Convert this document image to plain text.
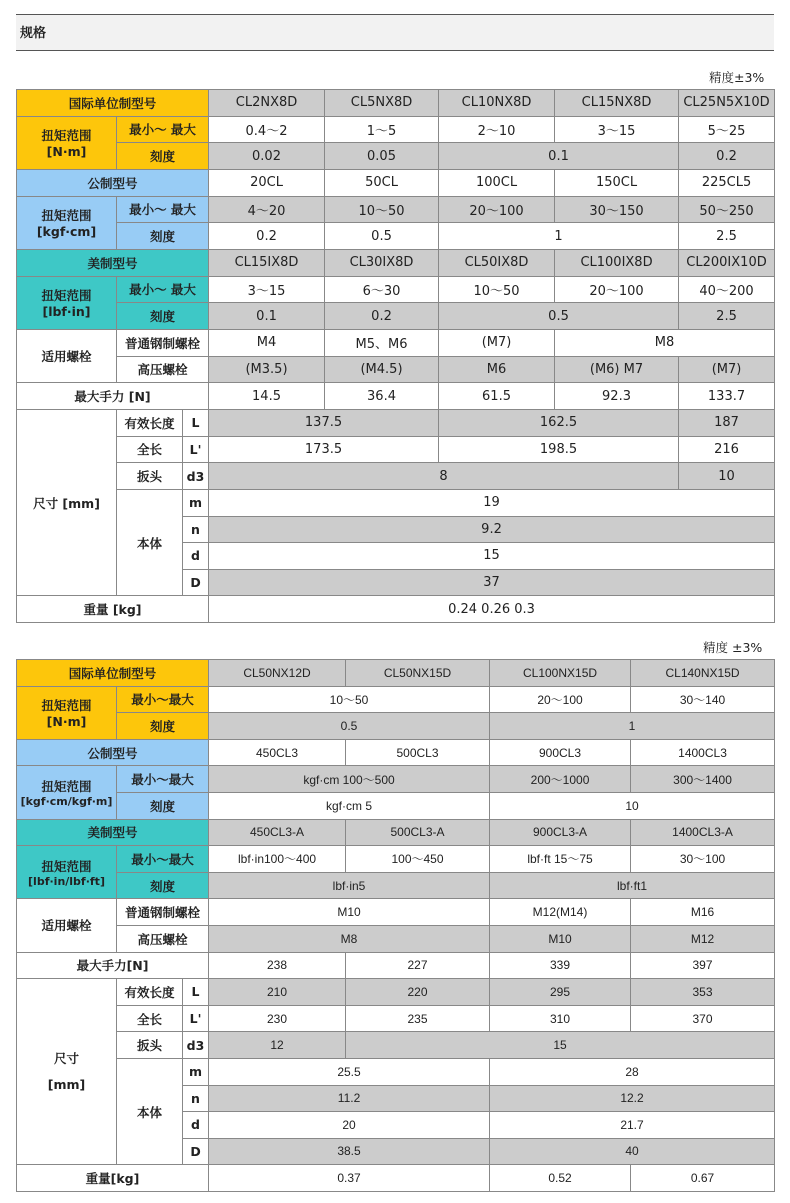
规格
精度±3%
国际单位制型号			CL2NX8D	CL5NX8D	CL10NX8D	CL15NX8D	CL25N5X10D

扭矩范围
[N·m]	最小〜 最大		0.4〜2	1〜5	2〜10	3〜15	5〜25
	刻度		0.02	0.05	0.1		0.2
公制型号			20CL	50CL	100CL	150CL	225CL5

扭矩范围
[kgf·cm]	最小〜 最大		4〜20	10〜50	20〜100	30〜150	50〜250
	刻度		0.2	0.5	1		2.5
美制型号			CL15IX8D	CL30IX8D	CL50IX8D	CL100IX8D	CL200IX10D

扭矩范围
[lbf·in]	最小〜 最大		3〜15	6〜30	10〜50	20〜100	40〜200
	刻度		0.1	0.2	0.5		2.5
适用螺栓	普通钢制螺栓		M4	M5、M6	(M7)	M8	
	高压螺栓		(M3.5)	(M4.5)	M6	(M6) M7	(M7)
最大手力 [N]			14.5	36.4	61.5	92.3	133.7
尺寸 [mm]	有效长度	L	137.5		162.5		187
	全长	L'	173.5		198.5		216
	扳头	d3	8				10
	本体	m	19				
		n	9.2				
		d	15				
		D	37				
重量 [kg]			0.24 0.26 0.3				
精度 ±3%
国际单位制型号			CL50NX12D	CL50NX15D	CL100NX15D	CL140NX15D

扭矩范围
[N·m]	最小〜最大		10〜50		20〜100	30〜140
	刻度		0.5		1	
公制型号			450CL3	500CL3	900CL3	1400CL3

扭矩范围
[kgf·cm/kgf·m]	最小〜最大		kgf·cm 100〜500		200〜1000	300〜1400
	刻度		kgf·cm 5		10	
美制型号			450CL3-A	500CL3-A	900CL3-A	1400CL3-A

扭矩范围
[lbf·in/lbf·ft]	最小〜最大		lbf·in100〜400	100〜450	lbf·ft 15〜75	30〜100
	刻度		lbf·in5		lbf·ft1	
适用螺栓	普通钢制螺栓		M10		M12(M14)	M16
	高压螺栓		M8		M10	M12
最大手力[N]			238	227	339	397

尺寸
[mm]	有效长度	L	210	220	295	353
	全长	L'	230	235	310	370
	扳头	d3	12	15		
	本体	m	25.5		28	
		n	11.2		12.2	
		d	20		21.7	
		D	38.5		40	
重量[kg]			0.37		0.52	0.67
